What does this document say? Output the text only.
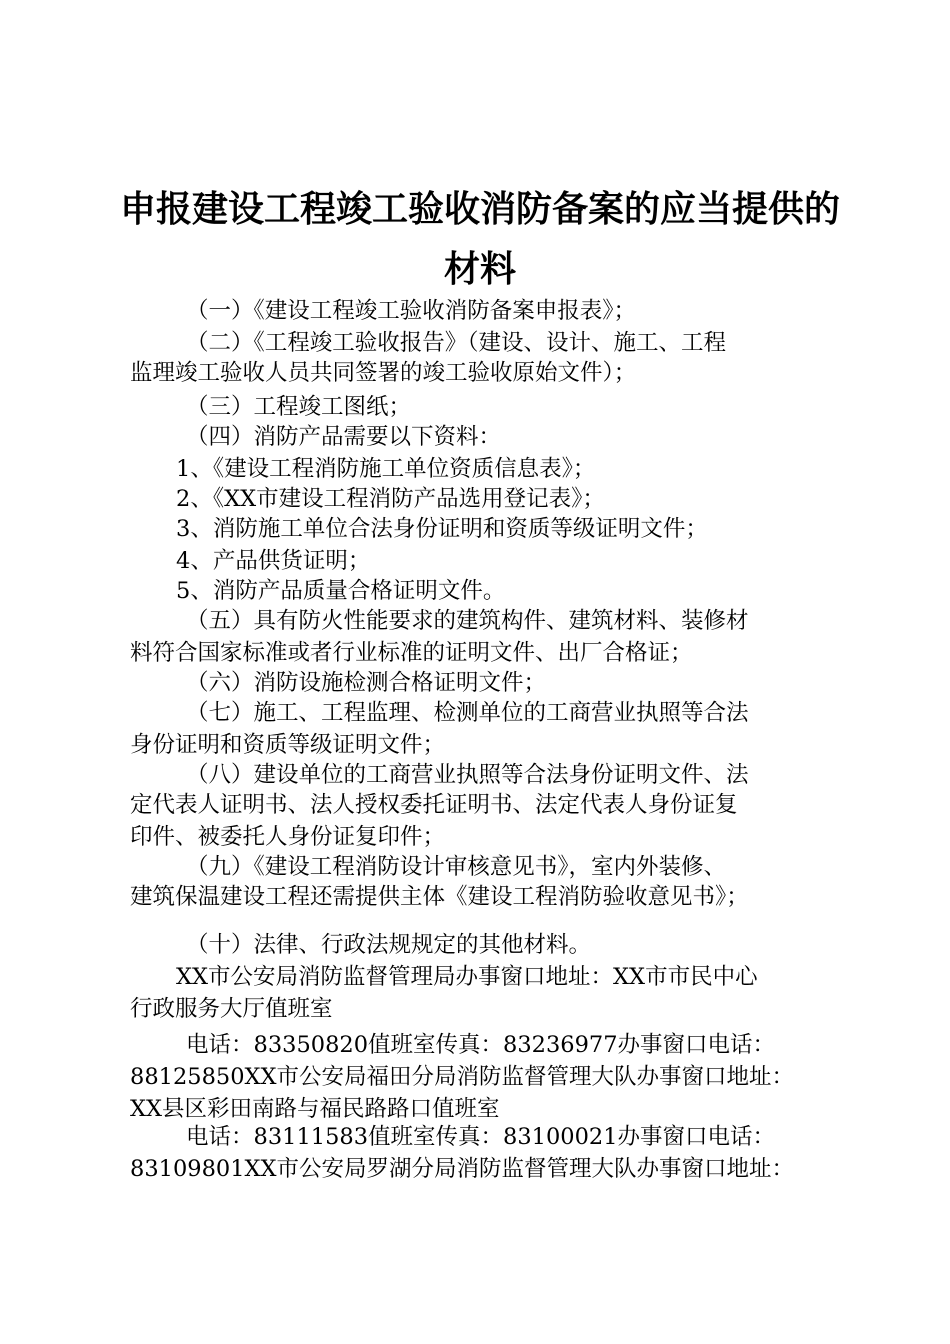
申报建设工程竣工验收消防备案的应当提供的
材料
（一）《建设工程竣工验收消防备案申报表》；
（二）《工程竣工验收报告》（建设、设计、施工、工程
监理竣工验收人员共同签署的竣工验收原始文件）；
（三）工程竣工图纸；
（四）消防产品需要以下资料：
1、《建设工程消防施工单位资质信息表》；
2、《XX市建设工程消防产品选用登记表》；
3、消防施工单位合法身份证明和资质等级证明文件；
4、产品供货证明；
5、消防产品质量合格证明文件。
（五）具有防火性能要求的建筑构件、建筑材料、装修材
料符合国家标准或者行业标准的证明文件、出厂合格证；
（六）消防设施检测合格证明文件；
（七）施工、工程监理、检测单位的工商营业执照等合法
身份证明和资质等级证明文件；
（八）建设单位的工商营业执照等合法身份证明文件、法
定代表人证明书、法人授权委托证明书、法定代表人身份证复
印件、被委托人身份证复印件；
（九）《建设工程消防设计审核意见书》，室内外装修、
建筑保温建设工程还需提供主体《建设工程消防验收意见书》；
（十）法律、行政法规规定的其他材料。
XX市公安局消防监督管理局办事窗口地址：XX市市民中心
行政服务大厅值班室
电话：83350820值班室传真：83236977办事窗口电话：
88125850XX市公安局福田分局消防监督管理大队办事窗口地址：
XX县区彩田南路与福民路路口值班室
电话：83111583值班室传真：83100021办事窗口电话：
83109801XX市公安局罗湖分局消防监督管理大队办事窗口地址：
